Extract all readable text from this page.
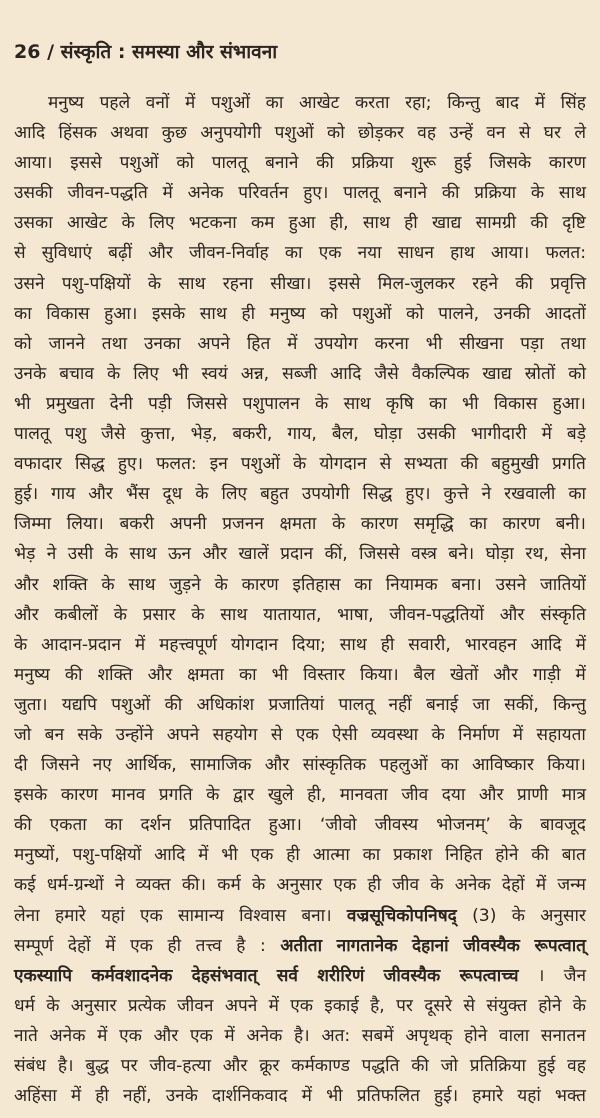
26 / संस्कृति : समस्या और संभावना
मनुष्य पहले वनों में पशुओं का आखेट करता रहा; किन्तु बाद में सिंह
आदि हिंसक अथवा कुछ अनुपयोगी पशुओं को छोड़कर वह उन्हें वन से घर ले
आया। इससे पशुओं को पालतू बनाने की प्रक्रिया शुरू हुई जिसके कारण
उसकी जीवन-पद्धति में अनेक परिवर्तन हुए। पालतू बनाने की प्रक्रिया के साथ
उसका आखेट के लिए भटकना कम हुआ ही, साथ ही खाद्य सामग्री की दृष्टि
से सुविधाएं बढ़ीं और जीवन-निर्वाह का एक नया साधन हाथ आया। फलत:
उसने पशु-पक्षियों के साथ रहना सीखा। इससे मिल-जुलकर रहने की प्रवृत्ति
का विकास हुआ। इसके साथ ही मनुष्य को पशुओं को पालने, उनकी आदतों
को जानने तथा उनका अपने हित में उपयोग करना भी सीखना पड़ा तथा
उनके बचाव के लिए भी स्वयं अन्न, सब्जी आदि जैसे वैकल्पिक खाद्य स्रोतों को
भी प्रमुखता देनी पड़ी जिससे पशुपालन के साथ कृषि का भी विकास हुआ।
पालतू पशु जैसे कुत्ता, भेड़, बकरी, गाय, बैल, घोड़ा उसकी भागीदारी में बड़े
वफादार सिद्ध हुए। फलत: इन पशुओं के योगदान से सभ्यता की बहुमुखी प्रगति
हुई। गाय और भैंस दूध के लिए बहुत उपयोगी सिद्ध हुए। कुत्ते ने रखवाली का
जिम्मा लिया। बकरी अपनी प्रजनन क्षमता के कारण समृद्धि का कारण बनी।
भेड़ ने उसी के साथ ऊन और खालें प्रदान कीं, जिससे वस्त्र बने। घोड़ा रथ, सेना
और शक्ति के साथ जुड़ने के कारण इतिहास का नियामक बना। उसने जातियों
और कबीलों के प्रसार के साथ यातायात, भाषा, जीवन-पद्धतियों और संस्कृति
के आदान-प्रदान में महत्त्वपूर्ण योगदान दिया; साथ ही सवारी, भारवहन आदि में
मनुष्य की शक्ति और क्षमता का भी विस्तार किया। बैल खेतों और गाड़ी में
जुता। यद्यपि पशुओं की अधिकांश प्रजातियां पालतू नहीं बनाई जा सकीं, किन्तु
जो बन सके उन्होंने अपने सहयोग से एक ऐसी व्यवस्था के निर्माण में सहायता
दी जिसने नए आर्थिक, सामाजिक और सांस्कृतिक पहलुओं का आविष्कार किया।
इसके कारण मानव प्रगति के द्वार खुले ही, मानवता जीव दया और प्राणी मात्र
की एकता का दर्शन प्रतिपादित हुआ। ‘जीवो जीवस्य भोजनम्’ के बावजूद
मनुष्यों, पशु-पक्षियों आदि में भी एक ही आत्मा का प्रकाश निहित होने की बात
कई धर्म-ग्रन्थों ने व्यक्त की। कर्म के अनुसार एक ही जीव के अनेक देहों में जन्म
लेना हमारे यहां एक सामान्य विश्वास बना। वज्रसूचिकोपनिषद् (3) के अनुसार
सम्पूर्ण देहों में एक ही तत्त्व है : अतीता नागतानेक देहानां जीवस्यैक रूपत्वात्
एकस्यापि कर्मवशादनेक देहसंभवात् सर्व शरीरिणं जीवस्यैक रूपत्वाच्च । जैन
धर्म के अनुसार प्रत्येक जीवन अपने में एक इकाई है, पर दूसरे से संयुक्त होने के
नाते अनेक में एक और एक में अनेक है। अत: सबमें अपृथक् होने वाला सनातन
संबंध है। बुद्ध पर जीव-हत्या और क्रूर कर्मकाण्ड पद्धति की जो प्रतिक्रिया हुई वह
अहिंसा में ही नहीं, उनके दार्शनिकवाद में भी प्रतिफलित हुई। हमारे यहां भक्त
